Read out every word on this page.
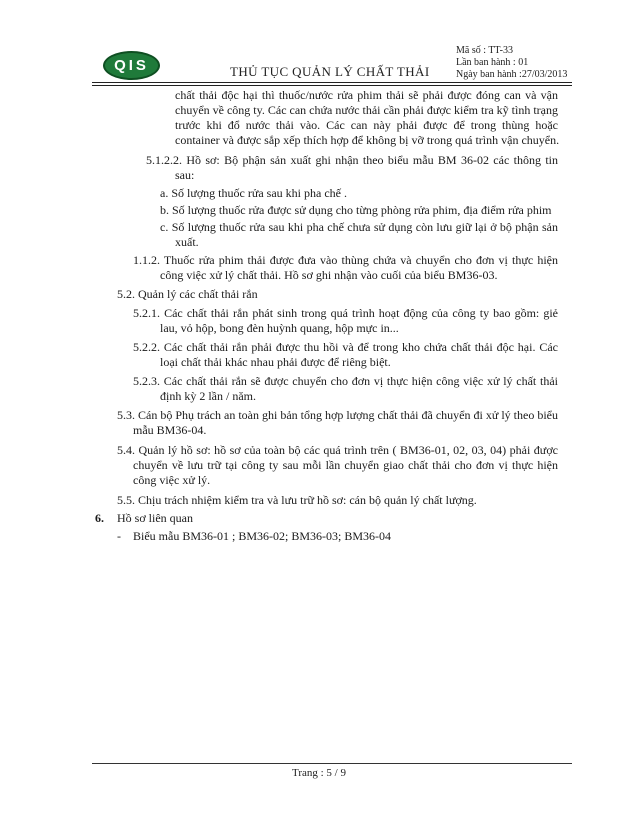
QIS	THỦ TỤC QUẢN LÝ CHẤT THẢI
Mã số : TT-33
Lần ban hành : 01
Ngày ban hành :27/03/2013
chất thải độc hại thì thuốc/nước rửa phim thải sẽ phải được đóng can và vận
chuyển về công ty. Các can chứa nước thải cần phải được kiểm tra kỹ tình trạng
trước khi đổ nước thải vào. Các can này phải được để trong thùng hoặc
container và được sắp xếp thích hợp để không bị vỡ trong quá trình vận chuyển.
5.1.2.2. Hồ sơ: Bộ phận sản xuất ghi nhận theo biểu mẫu BM 36-02 các thông tin
sau:
a. Số lượng thuốc rửa sau khi pha chế .
b. Số lượng thuốc rửa được sử dụng cho từng phòng rửa phim, địa điểm rửa phim
c. Số lượng thuốc rửa sau khi pha chế chưa sử dụng còn lưu giữ lại ở bộ phận sản
xuất.
1.1.2. Thuốc rửa phim thải được đưa vào thùng chứa và chuyển cho đơn vị thực hiện
công việc xử lý chất thải. Hồ sơ ghi nhận vào cuối của biểu BM36-03.
5.2. Quản lý các chất thải rắn
5.2.1. Các chất thải rắn phát sinh trong quá trình hoạt động của công ty bao gồm: giẻ
lau, vỏ hộp, bong đèn huỳnh quang, hộp mực in...
5.2.2. Các chất thải rắn phải được thu hồi và để trong kho chứa chất thải độc hại. Các
loại chất thải khác nhau phải được để riêng biệt.
5.2.3. Các chất thải rắn sẽ được chuyển cho đơn vị thực hiện công việc xử lý chất thải
định kỳ 2 lần / năm.
5.3. Cán bộ Phụ trách an toàn ghi bản tổng hợp lượng chất thải đã chuyển đi xử lý theo biểu
mẫu BM36-04.
5.4. Quản lý hồ sơ: hồ sơ của toàn bộ các quá trình trên ( BM36-01, 02, 03, 04) phải được
chuyển về lưu trữ tại công ty sau mỗi lần chuyển giao chất thải cho đơn vị thực hiện
công việc xử lý.
5.5. Chịu trách nhiệm kiểm tra và lưu trữ hồ sơ: cán bộ quản lý chất lượng.
6. Hồ sơ liên quan
- Biểu mẫu BM36-01 ; BM36-02; BM36-03; BM36-04
Trang : 5 / 9
